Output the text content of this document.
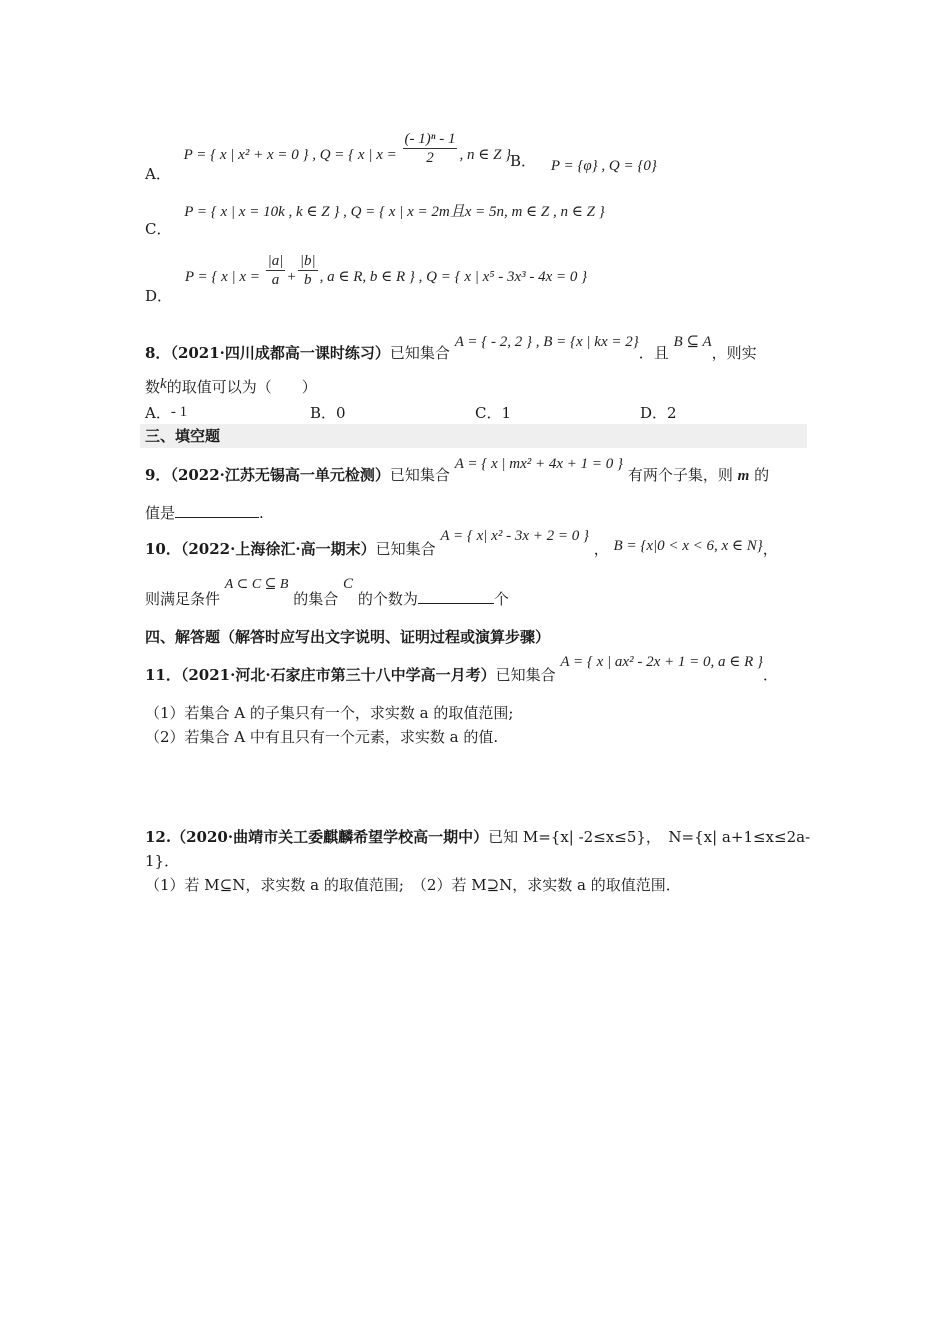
A． P = { x | x² + x = 0 } , Q = { x | $x = \frac{\text{(- 1)ⁿ - 1}}{2}$ , n ∈ Z }
B． P = {φ} , Q = {0}
C． P = { x | x = 10k , k ∈ Z } , Q = { x | x = 2m且x = 5n, m ∈ Z , n ∈ Z }
D． P = { x | $x = \frac{|a|}{a} + \frac{|b|}{b}$ , a ∈ R, b ∈ R } , Q = { x | x⁵ - 3x³ - 4x = 0 }
8．（2021·四川成都高一课时练习）已知集合 A = { - 2, 2 } , B = {x | kx = 2}．且 B ⊆ A，则实
数k的取值可以为（　　）
A．- 1	B．0	C．1	D．2
三、填空题
9．（2022·江苏无锡高一单元检测）已知集合 A = { x | mx² + 4x + 1 = 0 } 有两个子集，则 m 的
值是	.
10．（2022·上海徐汇·高一期末）已知集合 A = { x| x² - 3x + 2 = 0 } ， B = {x|0 < x < 6, x ∈ N}，
则满足条件 A ⊂ C ⊆ B 的集合 C 的个数为	个
四、解答题（解答时应写出文字说明、证明过程或演算步骤）
11．（2021·河北·石家庄市第三十八中学高一月考）已知集合 A = { x | ax² - 2x + 1 = 0, a ∈ R }．
（1）若集合 A 的子集只有一个，求实数 a 的取值范围;
（2）若集合 A 中有且只有一个元素，求实数 a 的值.
12.（2020·曲靖市关工委麒麟希望学校高一期中）已知 M={x| -2≤x≤5}，　N={x| a+1≤x≤2a-
1}．
（1）若 M⊆N，求实数 a 的取值范围; （2）若 M⊇N，求实数 a 的取值范围．
